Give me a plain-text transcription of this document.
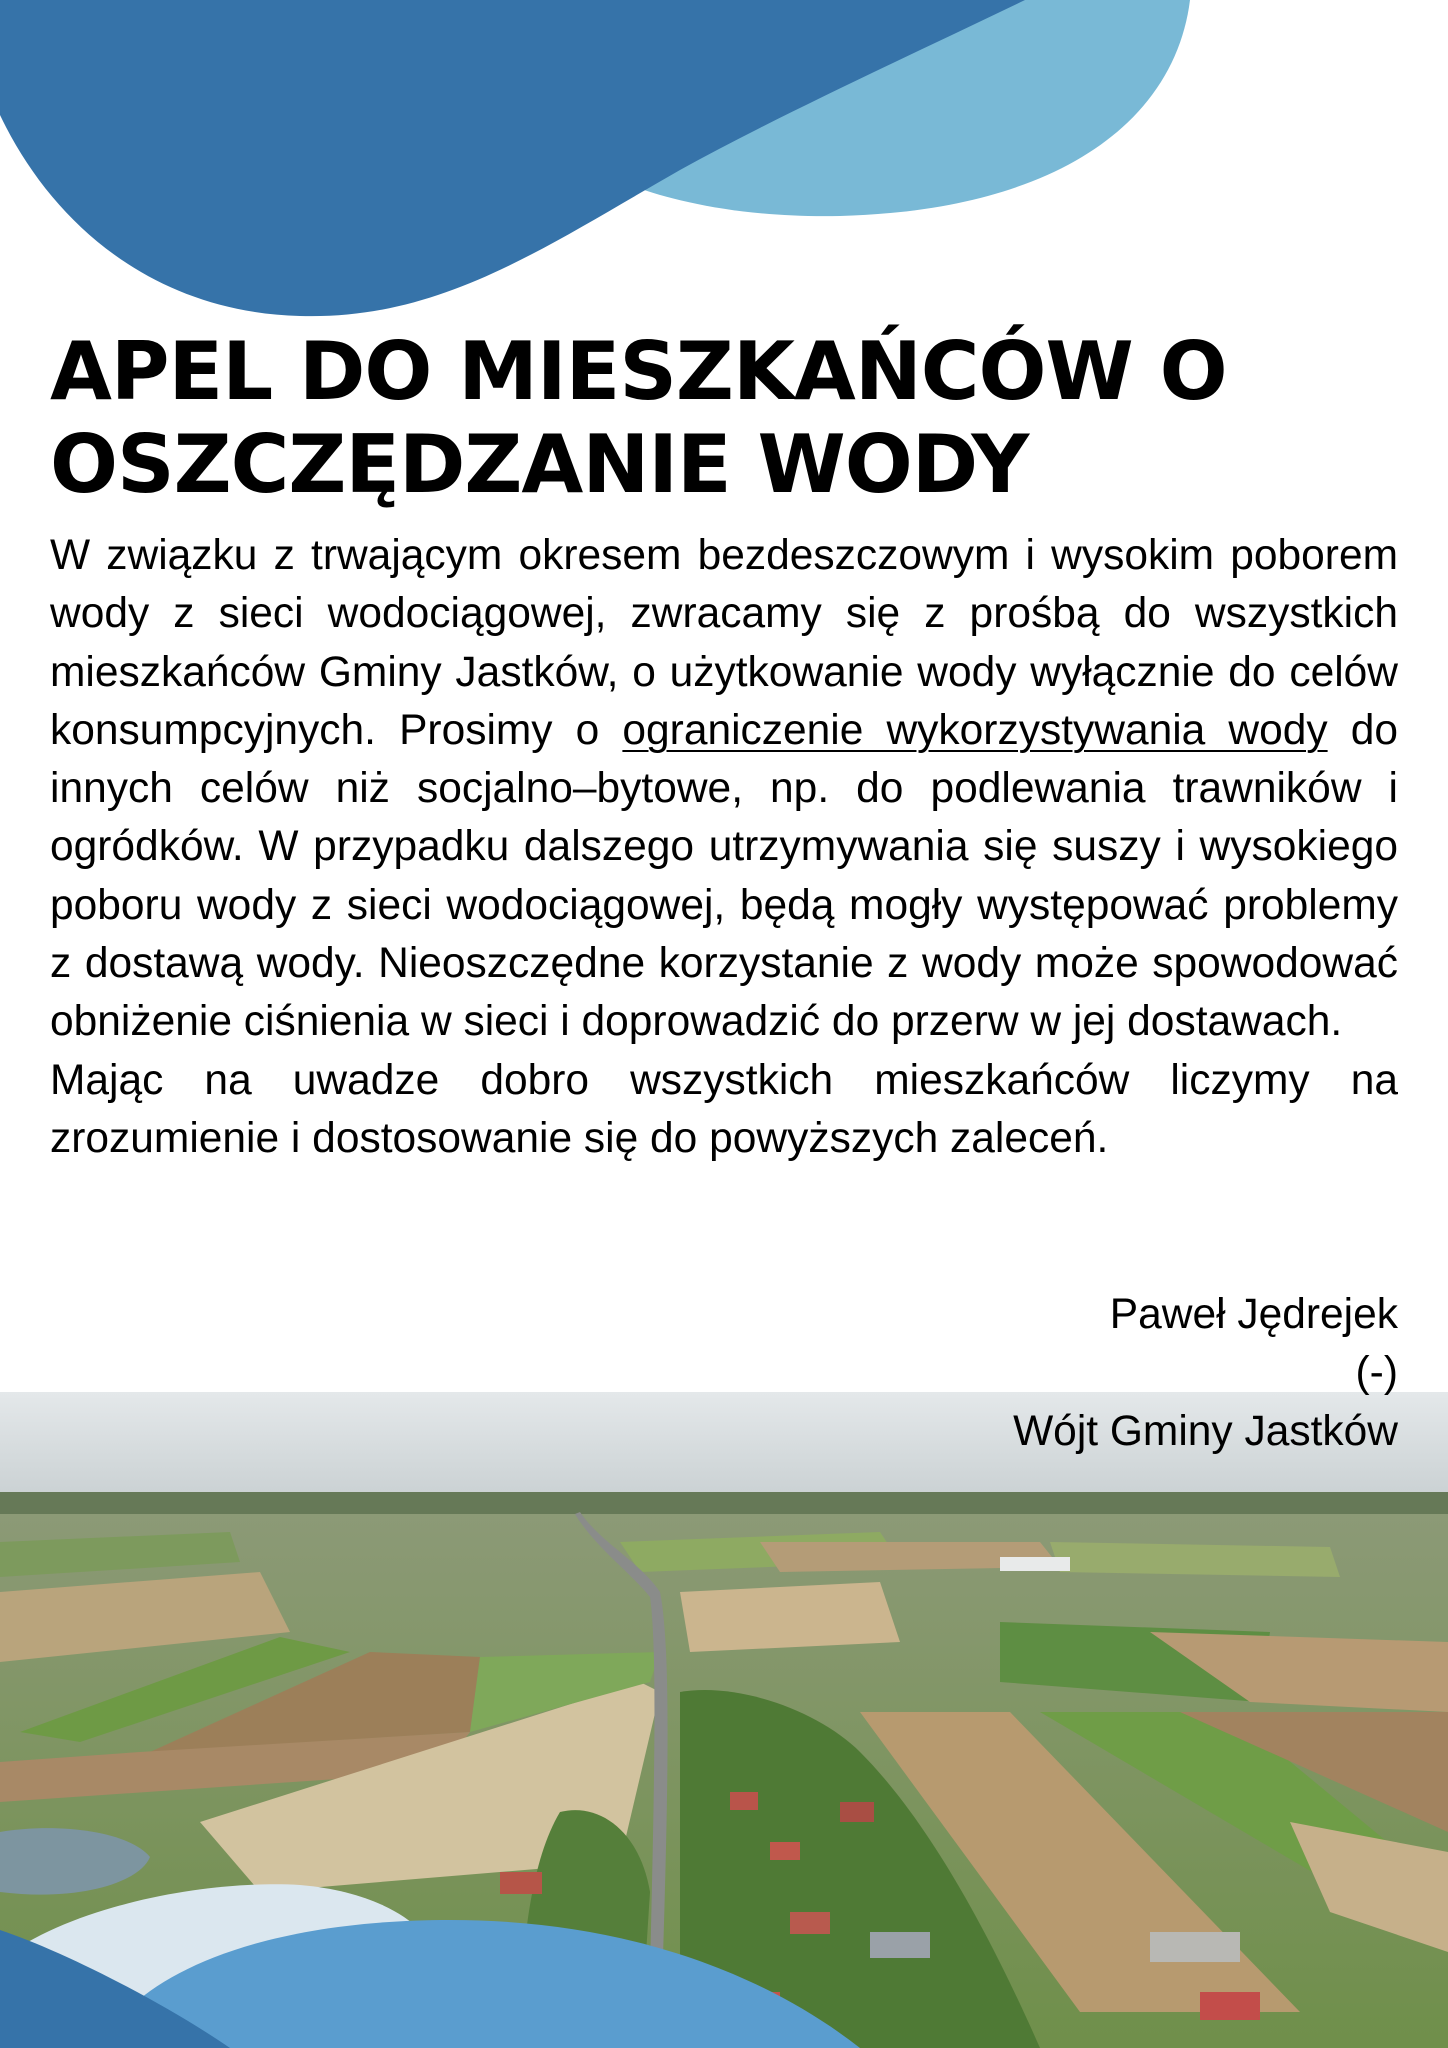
APEL DO MIESZKAŃCÓW O
OSZCZĘDZANIE WODY

W związku z trwającym okresem bezdeszczowym i wysokim poborem wody z sieci wodociągowej, zwracamy się z prośbą do wszystkich mieszkańców Gminy Jastków, o użytkowanie wody wyłącznie do celów konsumpcyjnych. Prosimy o ograniczenie wykorzystywania wody do innych celów niż socjalno–bytowe, np. do podlewania trawników i ogródków. W przypadku dalszego utrzymywania się suszy i wysokiego poboru wody z sieci wodociągowej, będą mogły występować problemy z dostawą wody. Nieoszczędne korzystanie z wody może spowodować obniżenie ciśnienia w sieci i doprowadzić do przerw w jej dostawach.

Mając na uwadze dobro wszystkich mieszkańców liczymy na zrozumienie i dostosowanie się do powyższych zaleceń.

Paweł Jędrejek
(-)
Wójt Gminy Jastków
